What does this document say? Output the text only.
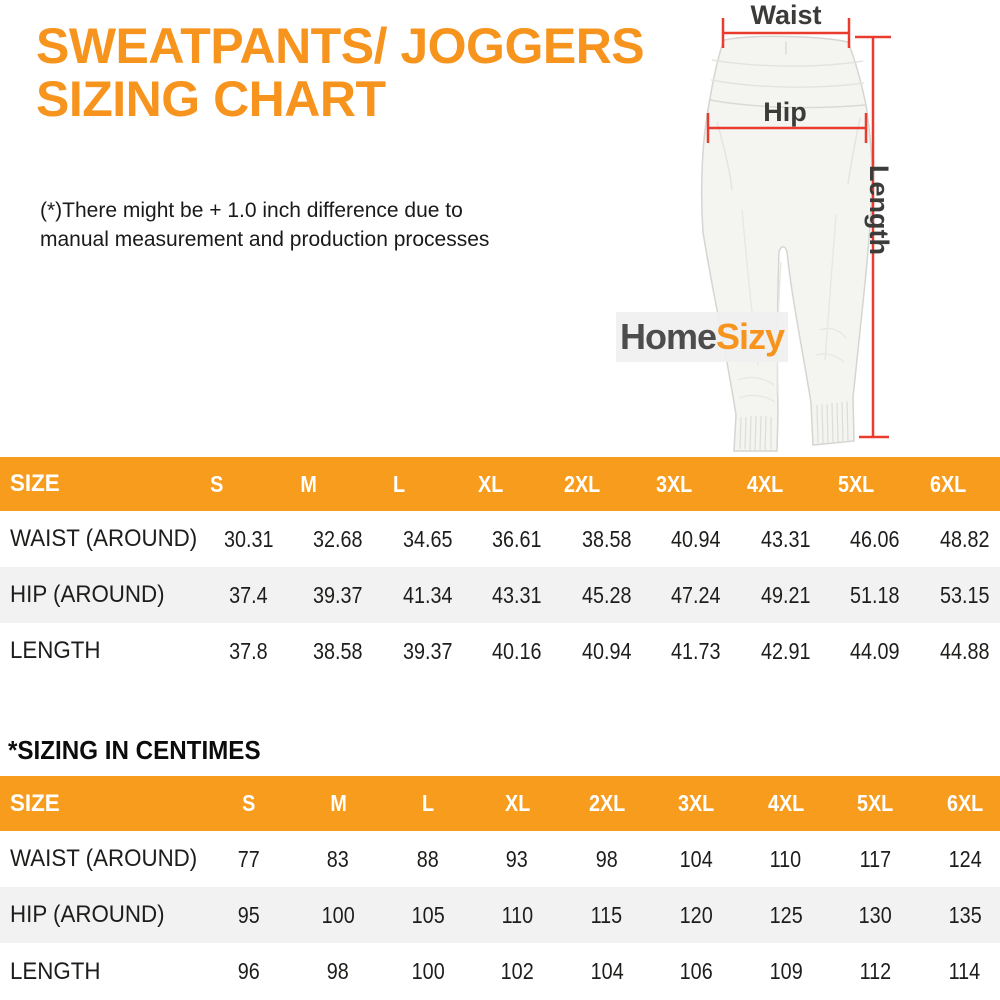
SWEATPANTS/ JOGGERS
SIZING CHART
(*)There might be + 1.0 inch difference due to
manual measurement and production processes
Waist
Hip
Length
Home Sizy
SIZE	S	M	L	XL	2XL	3XL	4XL	5XL	6XL
WAIST (AROUND)	30.31	32.68	34.65	36.61	38.58	40.94	43.31	46.06	48.82
HIP (AROUND)	37.4	39.37	41.34	43.31	45.28	47.24	49.21	51.18	53.15
LENGTH	37.8	38.58	39.37	40.16	40.94	41.73	42.91	44.09	44.88
*SIZING IN CENTIMES
SIZE	S	M	L	XL	2XL	3XL	4XL	5XL	6XL
WAIST (AROUND)	77	83	88	93	98	104	110	117	124
HIP (AROUND)	95	100	105	110	115	120	125	130	135
LENGTH	96	98	100	102	104	106	109	112	114
